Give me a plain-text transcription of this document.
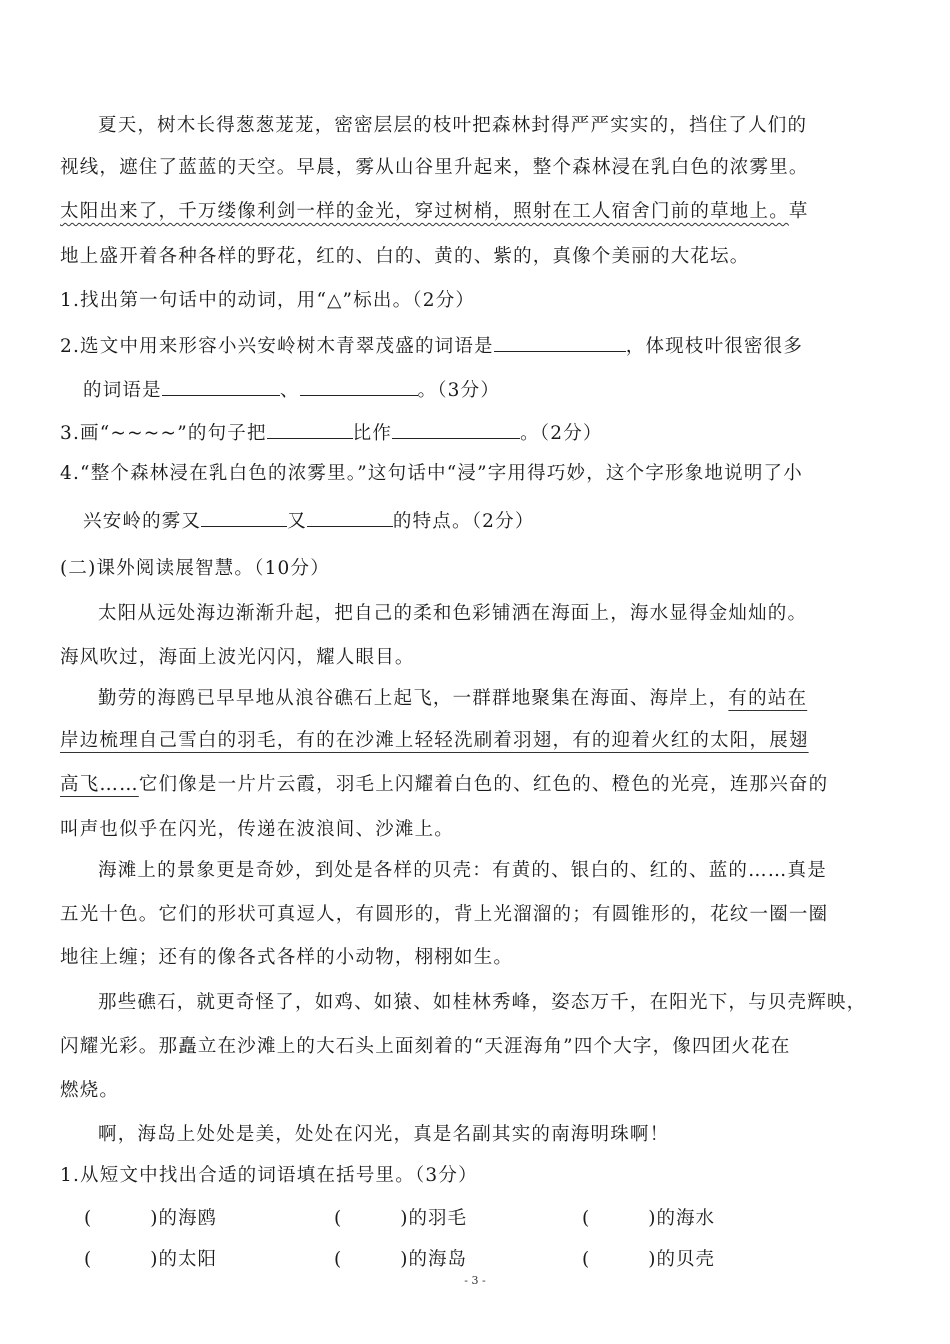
夏天，树木长得葱葱茏茏，密密层层的枝叶把森林封得严严实实的，挡住了人们的
视线，遮住了蓝蓝的天空。早晨，雾从山谷里升起来，整个森林浸在乳白色的浓雾里。
太阳出来了，千万缕像利剑一样的金光，穿过树梢，照射在工人宿舍门前的草地上。草
地上盛开着各种各样的野花，红的、白的、黄的、紫的，真像个美丽的大花坛。
1.找出第一句话中的动词，用“△”标出。（2分）
2.选文中用来形容小兴安岭树木青翠茂盛的词语是	，体现枝叶很密很多
的词语是	、	。（3分）
3.画“~~~~”的句子把	比作	。（2分）
4.“整个森林浸在乳白色的浓雾里。”这句话中“浸”字用得巧妙，这个字形象地说明了小
兴安岭的雾又	又	的特点。（2分）
(二)课外阅读展智慧。（10分）
太阳从远处海边渐渐升起，把自己的柔和色彩铺洒在海面上，海水显得金灿灿的。
海风吹过，海面上波光闪闪，耀人眼目。
勤劳的海鸥已早早地从浪谷礁石上起飞，一群群地聚集在海面、海岸上，有的站在
岸边梳理自己雪白的羽毛，有的在沙滩上轻轻洗刷着羽翅，有的迎着火红的太阳，展翅
高飞……它们像是一片片云霞，羽毛上闪耀着白色的、红色的、橙色的光亮，连那兴奋的
叫声也似乎在闪光，传递在波浪间、沙滩上。
海滩上的景象更是奇妙，到处是各样的贝壳：有黄的、银白的、红的、蓝的……真是
五光十色。它们的形状可真逗人，有圆形的，背上光溜溜的；有圆锥形的，花纹一圈一圈
地往上缠；还有的像各式各样的小动物，栩栩如生。
那些礁石，就更奇怪了，如鸡、如猿、如桂林秀峰，姿态万千，在阳光下，与贝壳辉映，
闪耀光彩。那矗立在沙滩上的大石头上面刻着的“天涯海角”四个大字，像四团火花在
燃烧。
啊，海岛上处处是美，处处在闪光，真是名副其实的南海明珠啊！
1.从短文中找出合适的词语填在括号里。（3分）
(	)的海鸥	(	)的羽毛	(	)的海水
(	)的太阳	(	)的海岛	(	)的贝壳
- 3 -
